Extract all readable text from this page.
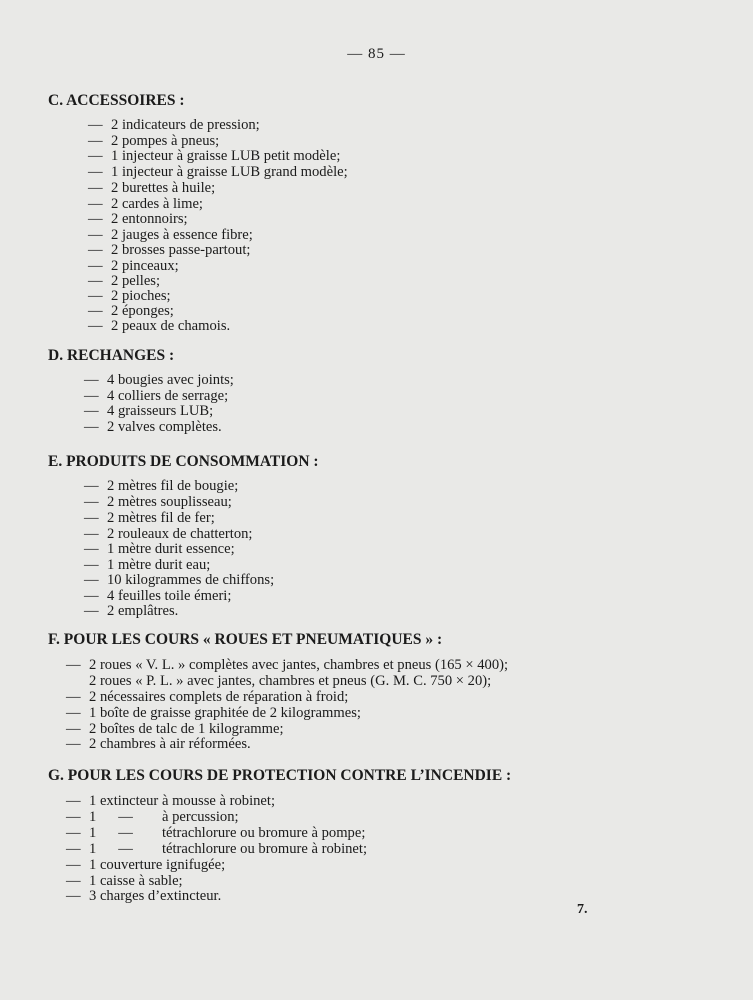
— 85 —
C. ACCESSOIRES :
— 2 indicateurs de pression;
— 2 pompes à pneus;
— 1 injecteur à graisse LUB petit modèle;
— 1 injecteur à graisse LUB grand modèle;
— 2 burettes à huile;
— 2 cardes à lime;
— 2 entonnoirs;
— 2 jauges à essence fibre;
— 2 brosses passe-partout;
— 2 pinceaux;
— 2 pelles;
— 2 pioches;
— 2 éponges;
— 2 peaux de chamois.
D. RECHANGES :
— 4 bougies avec joints;
— 4 colliers de serrage;
— 4 graisseurs LUB;
— 2 valves complètes.
E. PRODUITS DE CONSOMMATION :
— 2 mètres fil de bougie;
— 2 mètres souplisseau;
— 2 mètres fil de fer;
— 2 rouleaux de chatterton;
— 1 mètre durit essence;
— 1 mètre durit eau;
— 10 kilogrammes de chiffons;
— 4 feuilles toile émeri;
— 2 emplâtres.
F. POUR LES COURS « ROUES ET PNEUMATIQUES » :
— 2 roues « V. L. » complètes avec jantes, chambres et pneus (165 × 400);
2 roues « P. L. » avec jantes, chambres et pneus (G. M. C. 750 × 20);
— 2 nécessaires complets de réparation à froid;
— 1 boîte de graisse graphitée de 2 kilogrammes;
— 2 boîtes de talc de 1 kilogramme;
— 2 chambres à air réformées.
G. POUR LES COURS DE PROTECTION CONTRE L’INCENDIE :
— 1 extincteur à mousse à robinet;
— 1      —        à percussion;
— 1      —        tétrachlorure ou bromure à pompe;
— 1      —        tétrachlorure ou bromure à robinet;
— 1 couverture ignifugée;
— 1 caisse à sable;
— 3 charges d’extincteur.
7.
